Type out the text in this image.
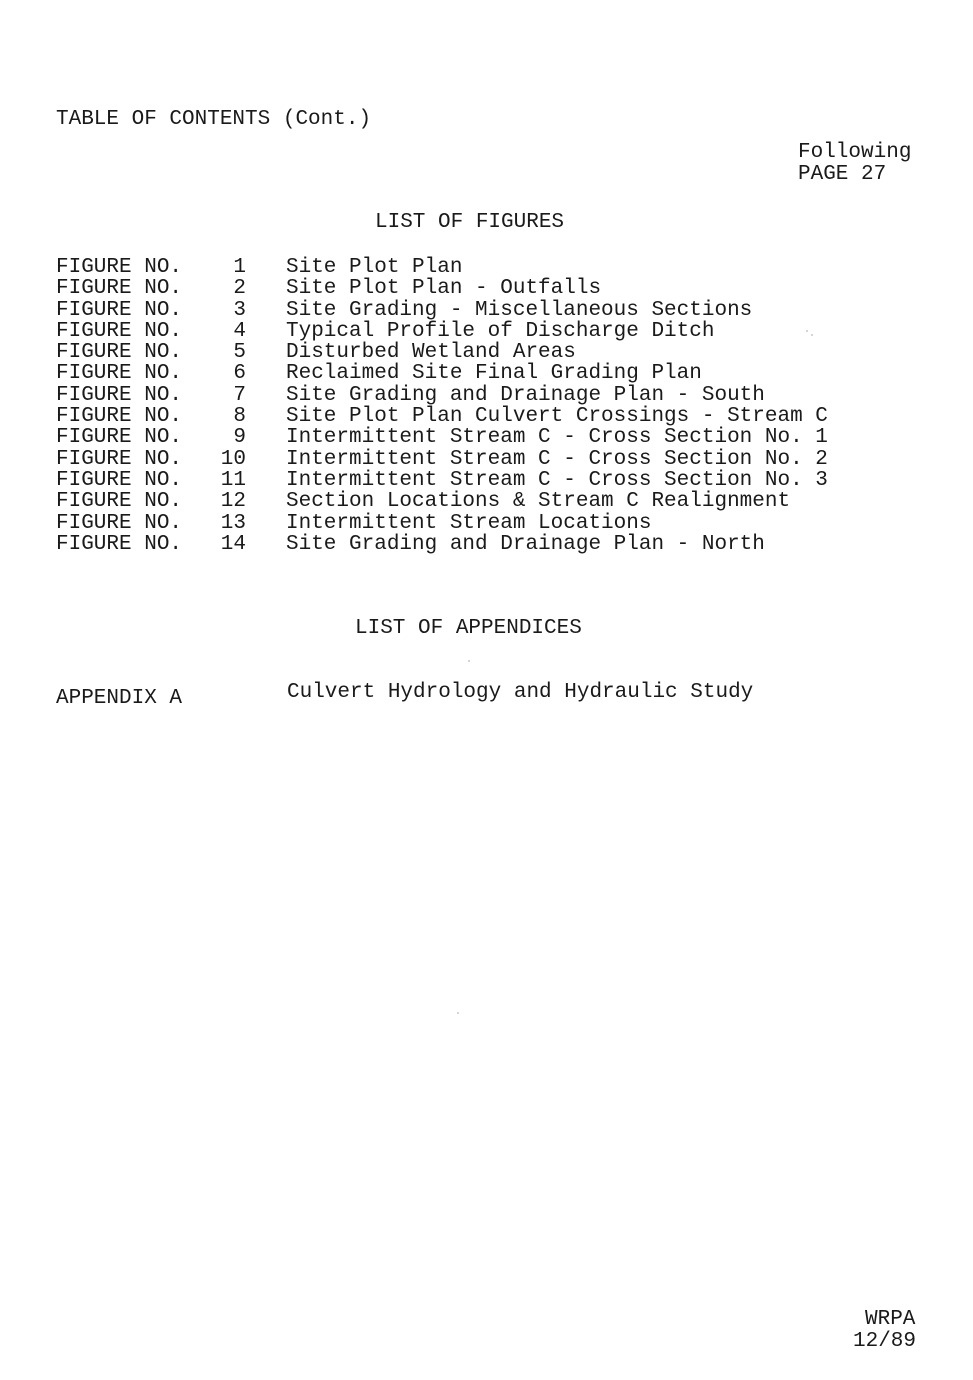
TABLE OF CONTENTS (Cont.)
Following
PAGE 27
LIST OF FIGURES
FIGURE NO.	1 Site Plot Plan
FIGURE NO.	2 Site Plot Plan - Outfalls
FIGURE NO.	3 Site Grading - Miscellaneous Sections
FIGURE NO.	4 Typical Profile of Discharge Ditch
FIGURE NO.	5 Disturbed Wetland Areas
FIGURE NO.	6 Reclaimed Site Final Grading Plan
FIGURE NO.	7 Site Grading and Drainage Plan - South
FIGURE NO.	8 Site Plot Plan Culvert Crossings - Stream C
FIGURE NO.	9 Intermittent Stream C - Cross Section No. 1
FIGURE NO.	10 Intermittent Stream C - Cross Section No. 2
FIGURE NO.	11 Intermittent Stream C - Cross Section No. 3
FIGURE NO.	12 Section Locations & Stream C Realignment
FIGURE NO.	13 Intermittent Stream Locations
FIGURE NO.	14 Site Grading and Drainage Plan - North
LIST OF APPENDICES
APPENDIX A	Culvert Hydrology and Hydraulic Study
WRPA
12/89
